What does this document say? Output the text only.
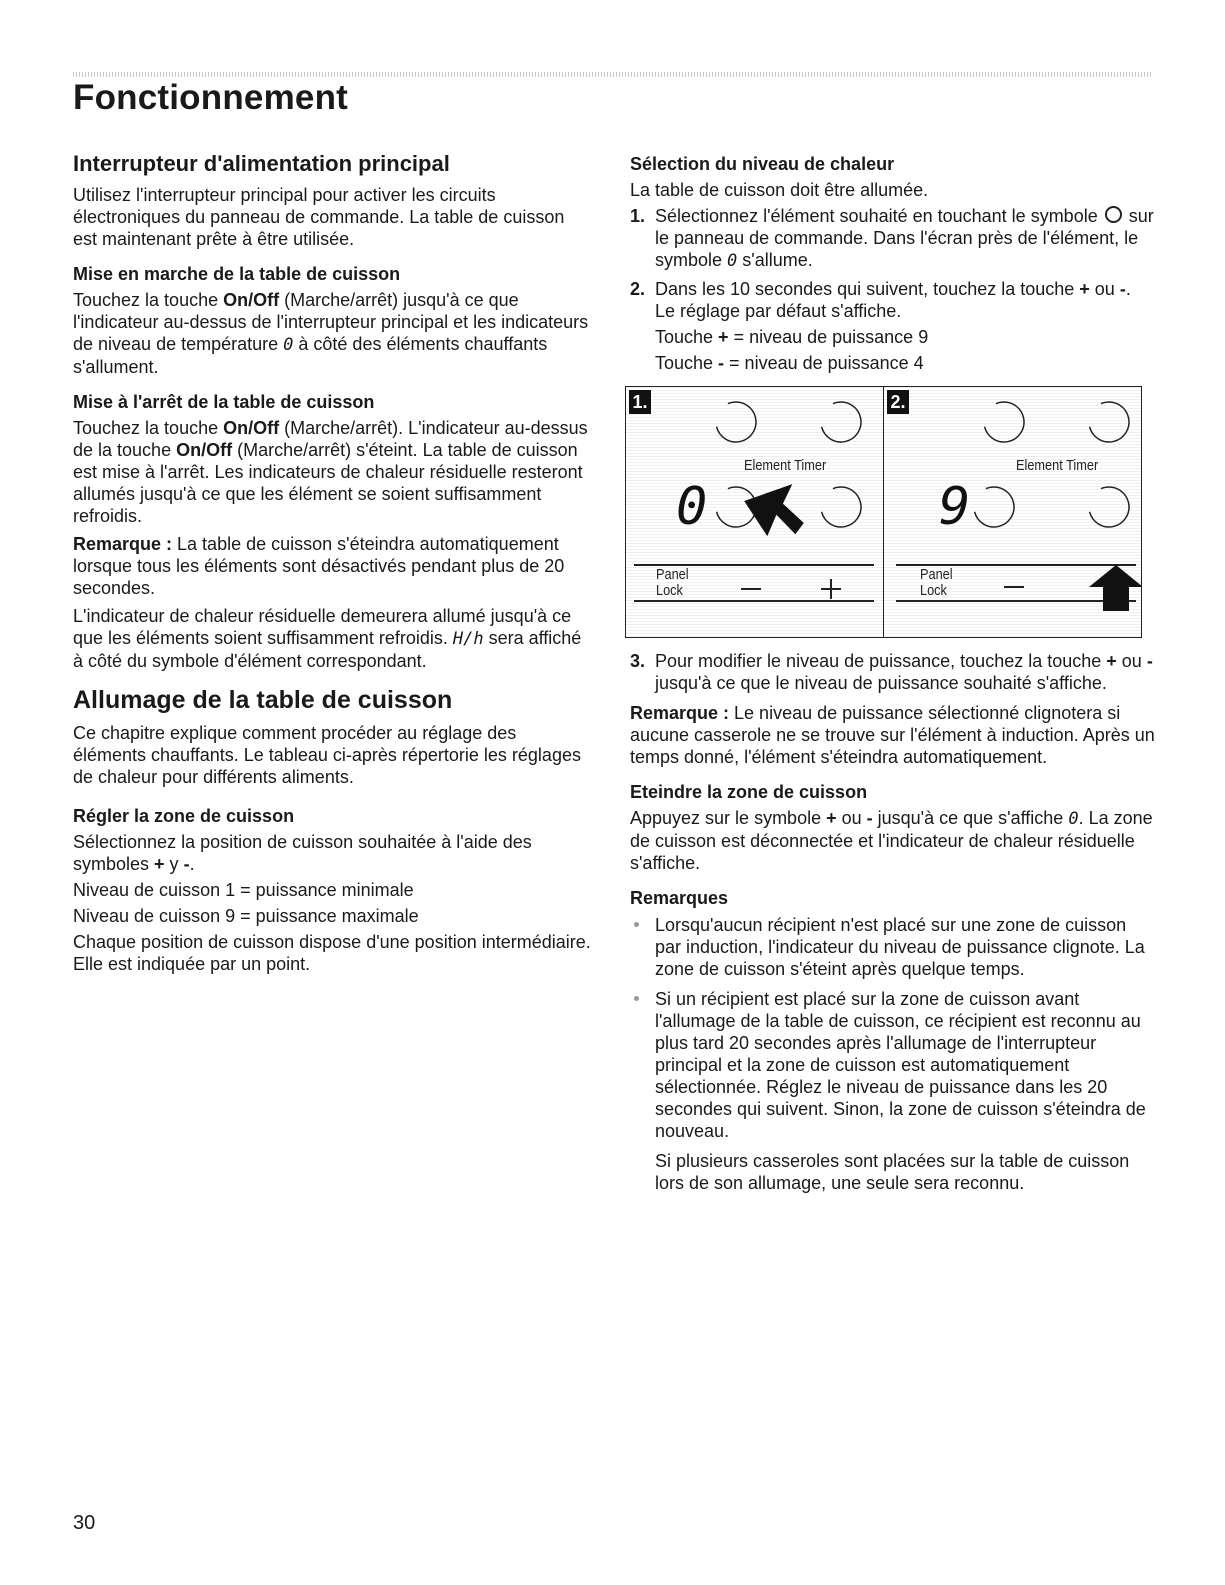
Fonctionnement
Interrupteur d'alimentation principal

Utilisez l'interrupteur principal pour activer les circuits électroniques du panneau de commande. La table de cuisson est maintenant prête à être utilisée.

Mise en marche de la table de cuisson

Touchez la touche On/Off (Marche/arrêt) jusqu'à ce que l'indicateur au-dessus de l'interrupteur principal et les indicateurs de niveau de température 0 à côté des éléments chauffants s'allument.

Mise à l'arrêt de la table de cuisson

Touchez la touche On/Off (Marche/arrêt). L'indicateur au-dessus de la touche On/Off (Marche/arrêt) s'éteint. La table de cuisson est mise à l'arrêt. Les indicateurs de chaleur résiduelle resteront allumés jusqu'à ce que les élément se soient suffisamment refroidis.

Remarque : La table de cuisson s'éteindra automatiquement lorsque tous les éléments sont désactivés pendant plus de 20 secondes.

L'indicateur de chaleur résiduelle demeurera allumé jusqu'à ce que les éléments soient suffisamment refroidis. H/h sera affiché à côté du symbole d'élément correspondant.

Allumage de la table de cuisson

Ce chapitre explique comment procéder au réglage des éléments chauffants. Le tableau ci-après répertorie les réglages de chaleur pour différents aliments.

Régler la zone de cuisson

Sélectionnez la position de cuisson souhaitée à l'aide des symboles + y -.

Niveau de cuisson 1 = puissance minimale

Niveau de cuisson 9 = puissance maximale

Chaque position de cuisson dispose d'une position intermédiaire. Elle est indiquée par un point.

Sélection du niveau de chaleur

La table de cuisson doit être allumée.

1. Sélectionnez l'élément souhaité en touchant le symbole  sur le panneau de commande. Dans l'écran près de l'élément, le symbole 0 s'allume.
2. Dans les 10 secondes qui suivent, touchez la touche + ou -. Le réglage par défaut s'affiche.

Touche + = niveau de puissance 9

Touche - = niveau de puissance 4

1.
Element Timer
0
Panel
Lock
2.
Element Timer
9
Panel
Lock
3. Pour modifier le niveau de puissance, touchez la touche + ou - jusqu'à ce que le niveau de puissance souhaité s'affiche.

Remarque : Le niveau de puissance sélectionné clignotera si aucune casserole ne se trouve sur l'élément à induction. Après un temps donné, l'élément s'éteindra automatiquement.

Eteindre la zone de cuisson

Appuyez sur le symbole + ou - jusqu'à ce que s'affiche 0. La zone de cuisson est déconnectée et l'indicateur de chaleur résiduelle s'affiche.

Remarques
Lorsqu'aucun récipient n'est placé sur une zone de cuisson par induction, l'indicateur du niveau de puissance clignote. La zone de cuisson s'éteint après quelque temps.
Si un récipient est placé sur la zone de cuisson avant l'allumage de la table de cuisson, ce récipient est reconnu au plus tard 20 secondes après l'allumage de l'interrupteur principal et la zone de cuisson est automatiquement sélectionnée. Réglez le niveau de puissance dans les 20 secondes qui suivent. Sinon, la zone de cuisson s'éteindra de nouveau.

Si plusieurs casseroles sont placées sur la table de cuisson lors de son allumage, une seule sera reconnu.

30
